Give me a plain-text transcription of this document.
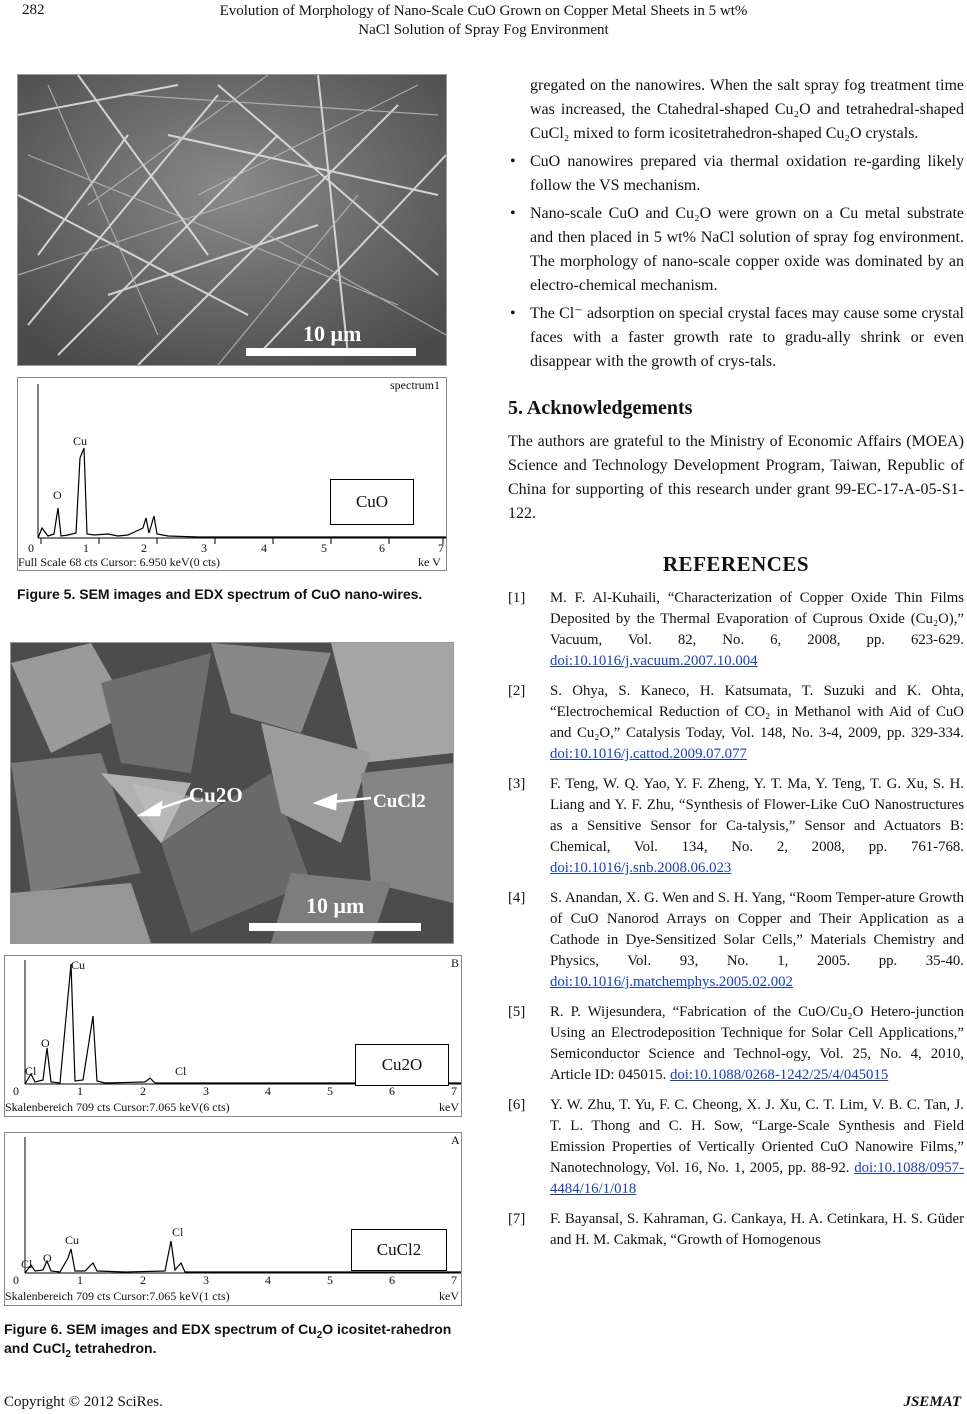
282	Evolution of Morphology of Nano-Scale CuO Grown on Copper Metal Sheets in 5 wt%
NaCl Solution of Spray Fog Environment
10 μm
spectrum1
Cu
O	CuO
0	1	2	3	4	5	6	7
Full Scale 68 cts Cursor: 6.950 keV(0 cts)	ke V
Figure 5. SEM images and EDX spectrum of CuO nano-wires.
Cu2O	CuCl2
10 μm
B
Cu
O
Cl	Cl	Cu2O
0	1	2	3	4	5	6	7
Skalenbereich 709 cts Cursor:7.065 keV(6 cts)	keV
A
Cu
O
Cl
Cl
CuCl2
0	1	2	3	4	5	6	7
Skalenbereich 709 cts Cursor:7.065 keV(1 cts)	keV
Figure 6. SEM images and EDX spectrum of $Cu_2O$ icositet-rahedron and CuCl$_2$ tetrahedron.
gregated on the nanowires. When the salt spray fog treatment time was increased, the Ctahedral-shaped Cu₂O and tetrahedral-shaped CuCl₂ mixed to form icositetrahedron-shaped Cu₂O crystals.
• CuO nanowires prepared via thermal oxidation re-garding likely follow the VS mechanism.
• Nano-scale CuO and Cu₂O were grown on a Cu metal substrate and then placed in 5 wt% NaCl solution of spray fog environment. The morphology of nano-scale copper oxide was dominated by an electro-chemical mechanism.
• The Cl⁻ adsorption on special crystal faces may cause some crystal faces with a faster growth rate to gradu-ally shrink or even disappear with the growth of crys-tals.
5. Acknowledgements
The authors are grateful to the Ministry of Economic Affairs (MOEA) Science and Technology Development Program, Taiwan, Republic of China for supporting of this research under grant 99-EC-17-A-05-S1-122.
REFERENCES
[1] M. F. Al-Kuhaili, “Characterization of Copper Oxide Thin Films Deposited by the Thermal Evaporation of Cuprous Oxide (Cu₂O),” Vacuum, Vol. 82, No. 6, 2008, pp. 623-629. doi:10.1016/j.vacuum.2007.10.004
[2] S. Ohya, S. Kaneco, H. Katsumata, T. Suzuki and K. Ohta, “Electrochemical Reduction of CO₂ in Methanol with Aid of CuO and Cu₂O,” Catalysis Today, Vol. 148, No. 3-4, 2009, pp. 329-334. doi:10.1016/j.cattod.2009.07.077
[3] F. Teng, W. Q. Yao, Y. F. Zheng, Y. T. Ma, Y. Teng, T. G. Xu, S. H. Liang and Y. F. Zhu, “Synthesis of Flower-Like CuO Nanostructures as a Sensitive Sensor for Ca-talysis,” Sensor and Actuators B: Chemical, Vol. 134, No. 2, 2008, pp. 761-768. doi:10.1016/j.snb.2008.06.023
[4] S. Anandan, X. G. Wen and S. H. Yang, “Room Temper-ature Growth of CuO Nanorod Arrays on Copper and Their Application as a Cathode in Dye-Sensitized Solar Cells,” Materials Chemistry and Physics, Vol. 93, No. 1, 2005. pp. 35-40. doi:10.1016/j.matchemphys.2005.02.002
[5] R. P. Wijesundera, “Fabrication of the CuO/Cu₂O Hetero-junction Using an Electrodeposition Technique for Solar Cell Applications,” Semiconductor Science and Technol-ogy, Vol. 25, No. 4, 2010, Article ID: 045015. doi:10.1088/0268-1242/25/4/045015
[6] Y. W. Zhu, T. Yu, F. C. Cheong, X. J. Xu, C. T. Lim, V. B. C. Tan, J. T. L. Thong and C. H. Sow, “Large-Scale Synthesis and Field Emission Properties of Vertically Oriented CuO Nanowire Films,” Nanotechnology, Vol. 16, No. 1, 2005, pp. 88-92. doi:10.1088/0957-4484/16/1/018
[7] F. Bayansal, S. Kahraman, G. Cankaya, H. A. Cetinkara, H. S. Güder and H. M. Cakmak, “Growth of Homogenous
Copyright © 2012 SciRes.	JSEMAT
